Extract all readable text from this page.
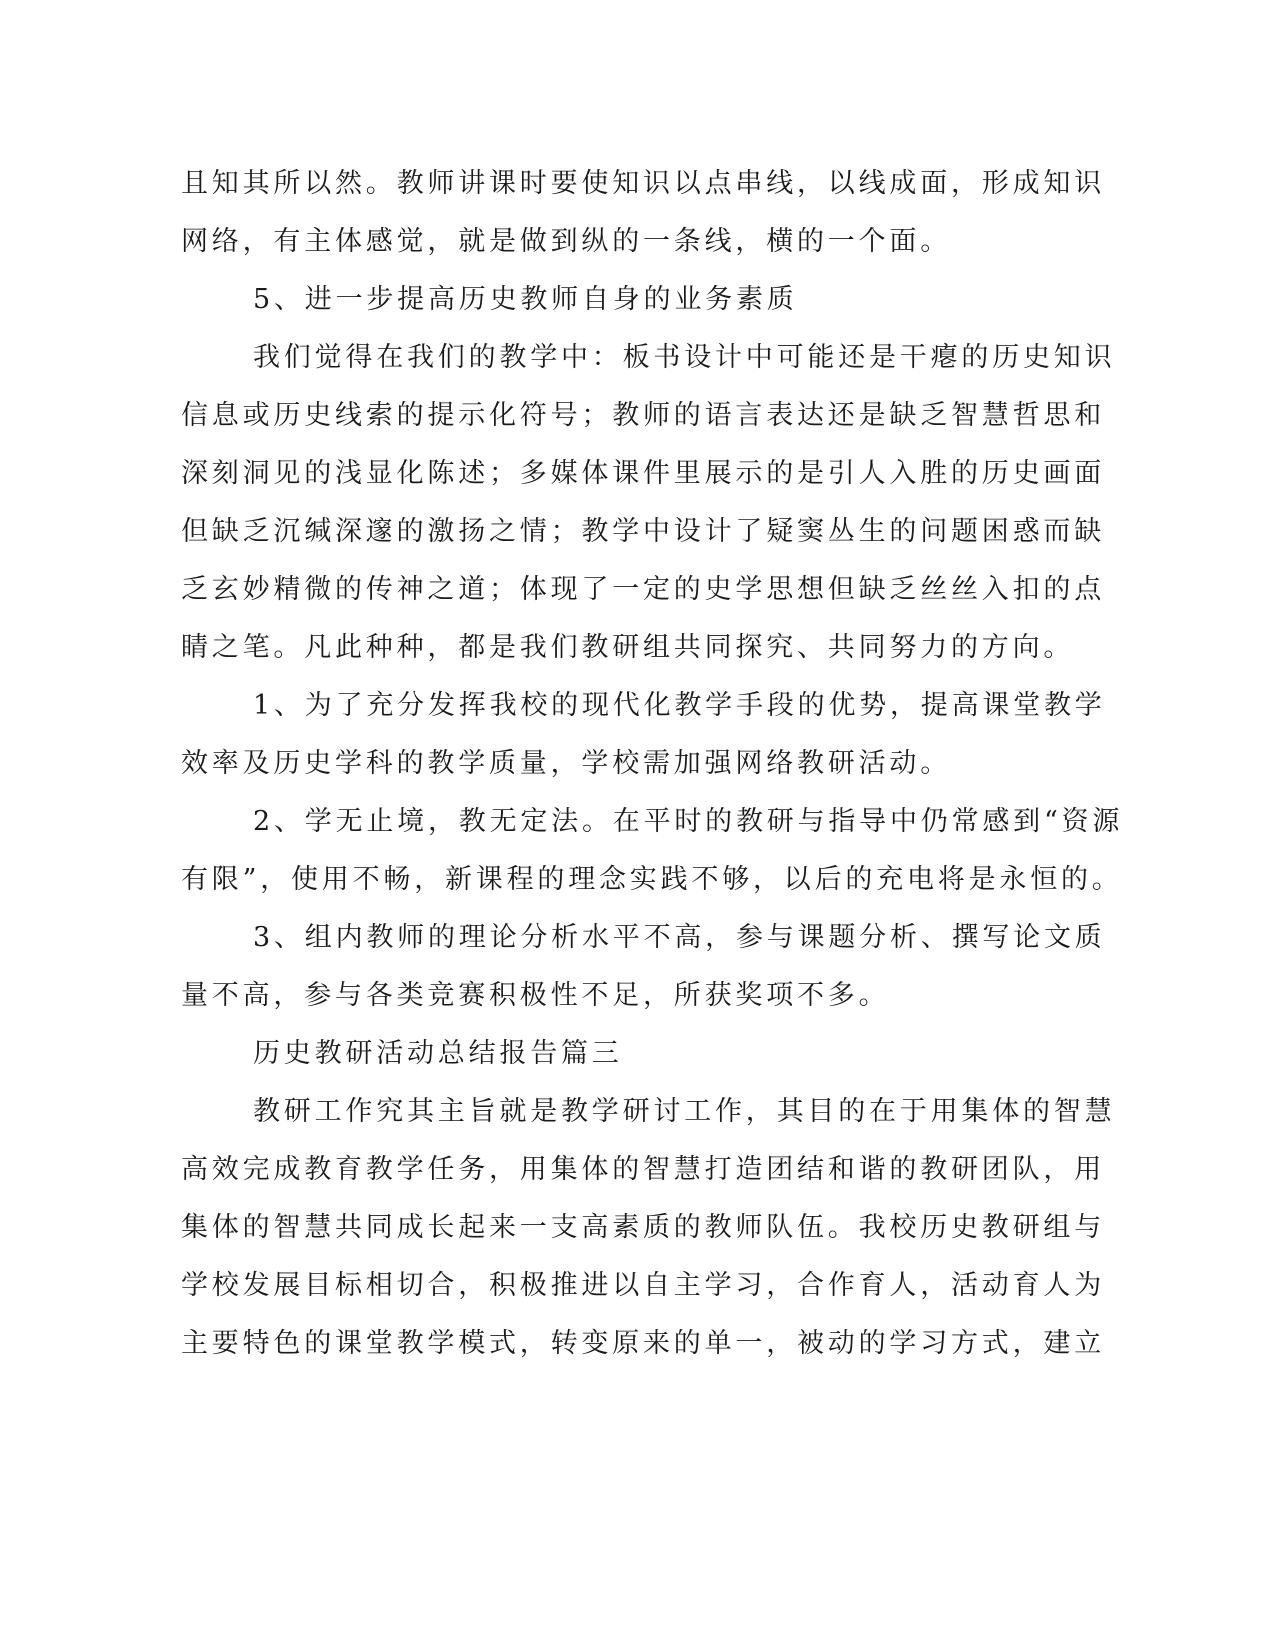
且知其所以然。教师讲课时要使知识以点串线，以线成面，形成知识
网络，有主体感觉，就是做到纵的一条线，横的一个面。
5、进一步提高历史教师自身的业务素质
我们觉得在我们的教学中：板书设计中可能还是干瘪的历史知识
信息或历史线索的提示化符号；教师的语言表达还是缺乏智慧哲思和
深刻洞见的浅显化陈述；多媒体课件里展示的是引人入胜的历史画面
但缺乏沉缄深邃的激扬之情；教学中设计了疑窦丛生的问题困惑而缺
乏玄妙精微的传神之道；体现了一定的史学思想但缺乏丝丝入扣的点
睛之笔。凡此种种，都是我们教研组共同探究、共同努力的方向。
1、为了充分发挥我校的现代化教学手段的优势，提高课堂教学
效率及历史学科的教学质量，学校需加强网络教研活动。
2、学无止境，教无定法。在平时的教研与指导中仍常感到“资源
有限”，使用不畅，新课程的理念实践不够，以后的充电将是永恒的。
3、组内教师的理论分析水平不高，参与课题分析、撰写论文质
量不高，参与各类竞赛积极性不足，所获奖项不多。
历史教研活动总结报告篇三
教研工作究其主旨就是教学研讨工作，其目的在于用集体的智慧
高效完成教育教学任务，用集体的智慧打造团结和谐的教研团队，用
集体的智慧共同成长起来一支高素质的教师队伍。我校历史教研组与
学校发展目标相切合，积极推进以自主学习，合作育人，活动育人为
主要特色的课堂教学模式，转变原来的单一，被动的学习方式，建立
